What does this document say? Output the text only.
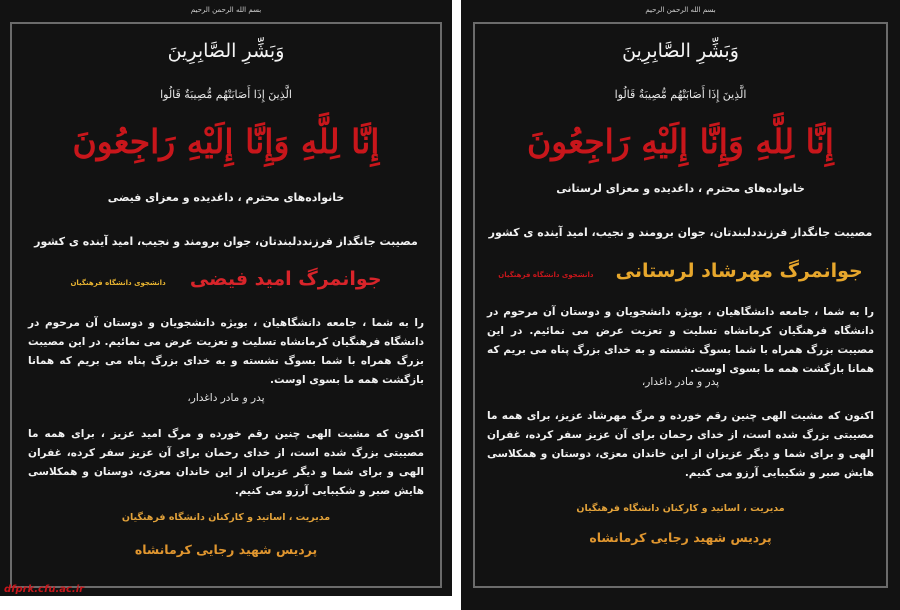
بسم الله الرحمن الرحیم
وَبَشِّرِ الصَّابِرِينَ
الَّذِينَ إِذَا أَصَابَتْهُم مُّصِيبَةٌ قَالُوا
إِنَّا لِلَّهِ وَإِنَّا إِلَيْهِ رَاجِعُونَ
خانواده‌های محترم ، داغدیده و معزای فیضی
مصیبت جانگداز فرزنددلبندتان، جوان برومند و نجیب، امید آینده ی کشور
جوانمرگ امید فیضی  دانشجوی دانشگاه فرهنگیان
را به شما ، جامعه دانشگاهیان ، بویژه دانشجویان و دوستان آن مرحوم در دانشگاه فرهنگیان کرمانشاه تسلیت و تعزیت عرض می نمائیم. در این مصیبت بزرگ همراه با شما بسوگ نشسته و به خدای بزرگ پناه می بریم که همانا بازگشت همه ما بسوی اوست.
پدر و مادر داغدار،
اکنون که مشیت الهی چنین رقم خورده و مرگ امید عزیز ، برای همه ما مصیبتی بزرگ شده است، از خدای رحمان برای آن عزیز سفر کرده، غفران الهی و برای شما و دیگر عزیزان از این خاندان معزی، دوستان و همکلاسی هایش صبر و شکیبایی آرزو می کنیم.
مدیریت ، اساتید و کارکنان دانشگاه فرهنگیان
پردیس شهید رجایی کرمانشاه
dfprk.cfu.ac.ir
بسم الله الرحمن الرحیم
وَبَشِّرِ الصَّابِرِينَ
الَّذِينَ إِذَا أَصَابَتْهُم مُّصِيبَةٌ قَالُوا
إِنَّا لِلَّهِ وَإِنَّا إِلَيْهِ رَاجِعُونَ
خانواده‌های محترم ، داغدیده و معزای لرستانی
مصیبت جانگداز فرزنددلبندتان، جوان برومند و نجیب، امید آینده ی کشور
جوانمرگ مهرشاد لرستانی  دانشجوی دانشگاه فرهنگیان
را به شما ، جامعه دانشگاهیان ، بویژه دانشجویان و دوستان آن مرحوم در دانشگاه فرهنگیان کرمانشاه تسلیت و تعزیت عرض می نمائیم. در این مصیبت بزرگ همراه با شما بسوگ نشسته و به خدای بزرگ پناه می بریم که همانا بازگشت همه ما بسوی اوست.
پدر و مادر داغدار،
اکنون که مشیت الهی چنین رقم خورده و مرگ مهرشاد عزیز، برای همه ما مصیبتی بزرگ شده است، از خدای رحمان برای آن عزیز سفر کرده، غفران الهی و برای شما و دیگر عزیزان از این خاندان معزی، دوستان و همکلاسی هایش صبر و شکیبایی آرزو می کنیم.
مدیریت ، اساتید و کارکنان دانشگاه فرهنگیان
پردیس شهید رجایی کرمانشاه
